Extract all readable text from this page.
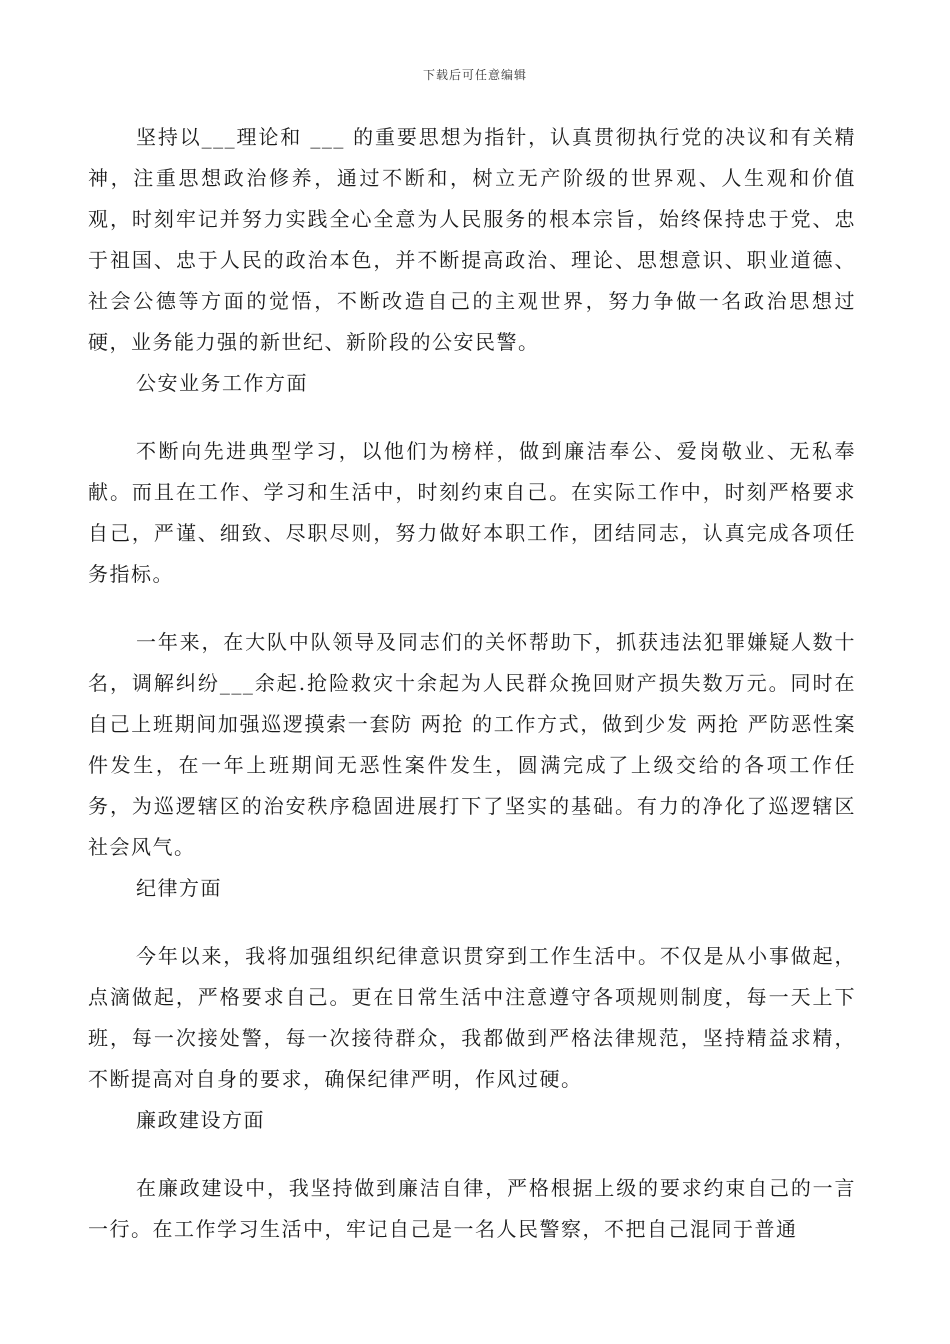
下载后可任意编辑

坚持以___理论和 ___ 的重要思想为指针，认真贯彻执行党的决议和有关精神，注重思想政治修养，通过不断和，树立无产阶级的世界观、人生观和价值观，时刻牢记并努力实践全心全意为人民服务的根本宗旨，始终保持忠于党、忠于祖国、忠于人民的政治本色，并不断提高政治、理论、思想意识、职业道德、社会公德等方面的觉悟，不断改造自己的主观世界，努力争做一名政治思想过硬，业务能力强的新世纪、新阶段的公安民警。

公安业务工作方面

不断向先进典型学习，以他们为榜样，做到廉洁奉公、爱岗敬业、无私奉献。而且在工作、学习和生活中，时刻约束自己。在实际工作中，时刻严格要求自己，严谨、细致、尽职尽则，努力做好本职工作，团结同志，认真完成各项任务指标。

一年来，在大队中队领导及同志们的关怀帮助下，抓获违法犯罪嫌疑人数十名，调解纠纷___余起.抢险救灾十余起为人民群众挽回财产损失数万元。同时在自己上班期间加强巡逻摸索一套防 两抢 的工作方式，做到少发 两抢 严防恶性案件发生，在一年上班期间无恶性案件发生，圆满完成了上级交给的各项工作任务，为巡逻辖区的治安秩序稳固进展打下了坚实的基础。有力的净化了巡逻辖区社会风气。

纪律方面

今年以来，我将加强组织纪律意识贯穿到工作生活中。不仅是从小事做起，点滴做起，严格要求自己。更在日常生活中注意遵守各项规则制度，每一天上下班，每一次接处警，每一次接待群众，我都做到严格法律规范，坚持精益求精，不断提高对自身的要求，确保纪律严明，作风过硬。

廉政建设方面

在廉政建设中，我坚持做到廉洁自律，严格根据上级的要求约束自己的一言一行。在工作学习生活中，牢记自己是一名人民警察，不把自己混同于普通
